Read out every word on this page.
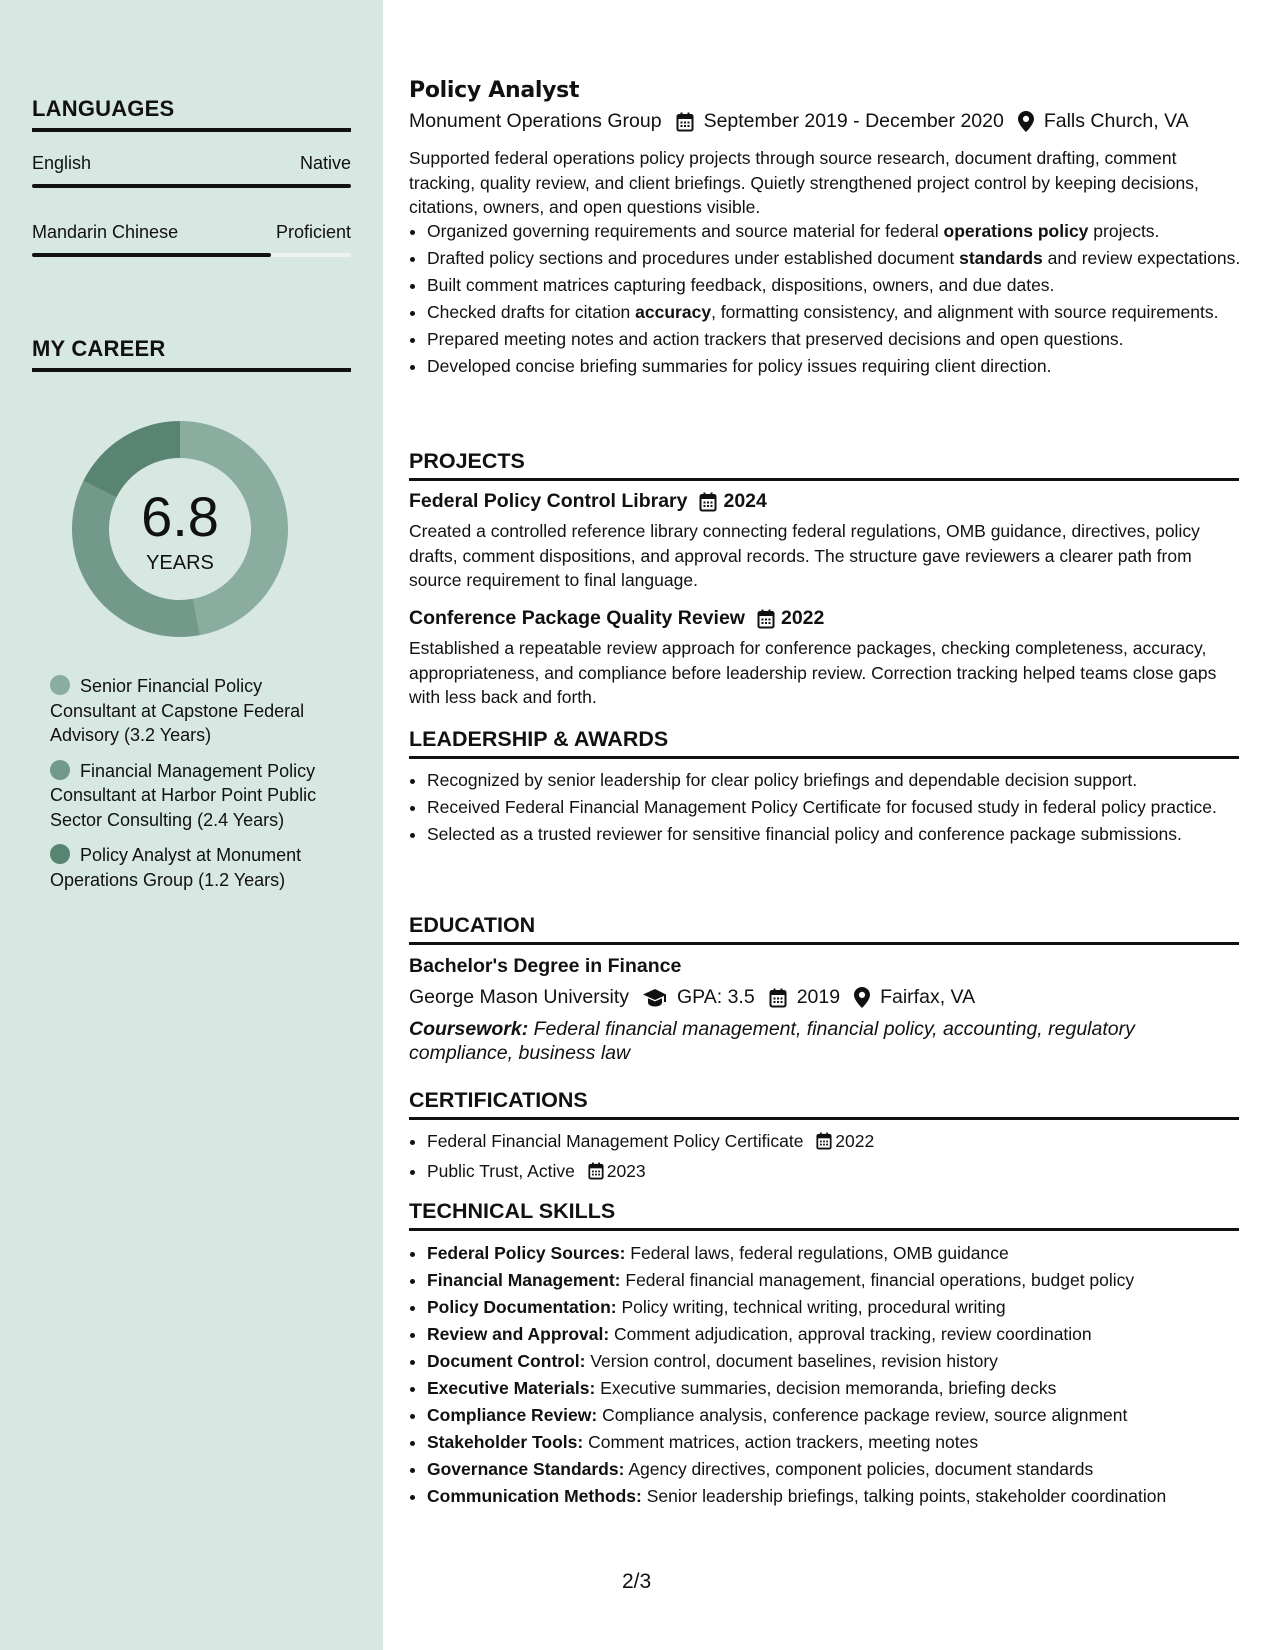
LANGUAGES
English	Native
Mandarin Chinese	Proficient
MY CAREER
6.8
YEARS
Senior Financial Policy Consultant at Capstone Federal Advisory (3.2 Years)
Financial Management Policy Consultant at Harbor Point Public Sector Consulting (2.4 Years)
Policy Analyst at Monument Operations Group (1.2 Years)
Policy Analyst
Monument Operations Group September 2019 - December 2020 Falls Church, VA
Supported federal operations policy projects through source research, document drafting, comment tracking, quality review, and client briefings. Quietly strengthened project control by keeping decisions, citations, owners, and open questions visible.
• Organized governing requirements and source material for federal operations policy projects.
• Drafted policy sections and procedures under established document standards and review expectations.
• Built comment matrices capturing feedback, dispositions, owners, and due dates.
• Checked drafts for citation accuracy, formatting consistency, and alignment with source requirements.
• Prepared meeting notes and action trackers that preserved decisions and open questions.
• Developed concise briefing summaries for policy issues requiring client direction.
PROJECTS
Federal Policy Control Library 2024
Created a controlled reference library connecting federal regulations, OMB guidance, directives, policy drafts, comment dispositions, and approval records. The structure gave reviewers a clearer path from source requirement to final language.
Conference Package Quality Review 2022
Established a repeatable review approach for conference packages, checking completeness, accuracy, appropriateness, and compliance before leadership review. Correction tracking helped teams close gaps with less back and forth.
LEADERSHIP & AWARDS
• Recognized by senior leadership for clear policy briefings and dependable decision support.
• Received Federal Financial Management Policy Certificate for focused study in federal policy practice.
• Selected as a trusted reviewer for sensitive financial policy and conference package submissions.
EDUCATION
Bachelor's Degree in Finance
George Mason University GPA: 3.5 2019 Fairfax, VA
Coursework: Federal financial management, financial policy, accounting, regulatory compliance, business law
CERTIFICATIONS
• Federal Financial Management Policy Certificate 2022
• Public Trust, Active 2023
TECHNICAL SKILLS
• Federal Policy Sources: Federal laws, federal regulations, OMB guidance
• Financial Management: Federal financial management, financial operations, budget policy
• Policy Documentation: Policy writing, technical writing, procedural writing
• Review and Approval: Comment adjudication, approval tracking, review coordination
• Document Control: Version control, document baselines, revision history
• Executive Materials: Executive summaries, decision memoranda, briefing decks
• Compliance Review: Compliance analysis, conference package review, source alignment
• Stakeholder Tools: Comment matrices, action trackers, meeting notes
• Governance Standards: Agency directives, component policies, document standards
• Communication Methods: Senior leadership briefings, talking points, stakeholder coordination
2/3
